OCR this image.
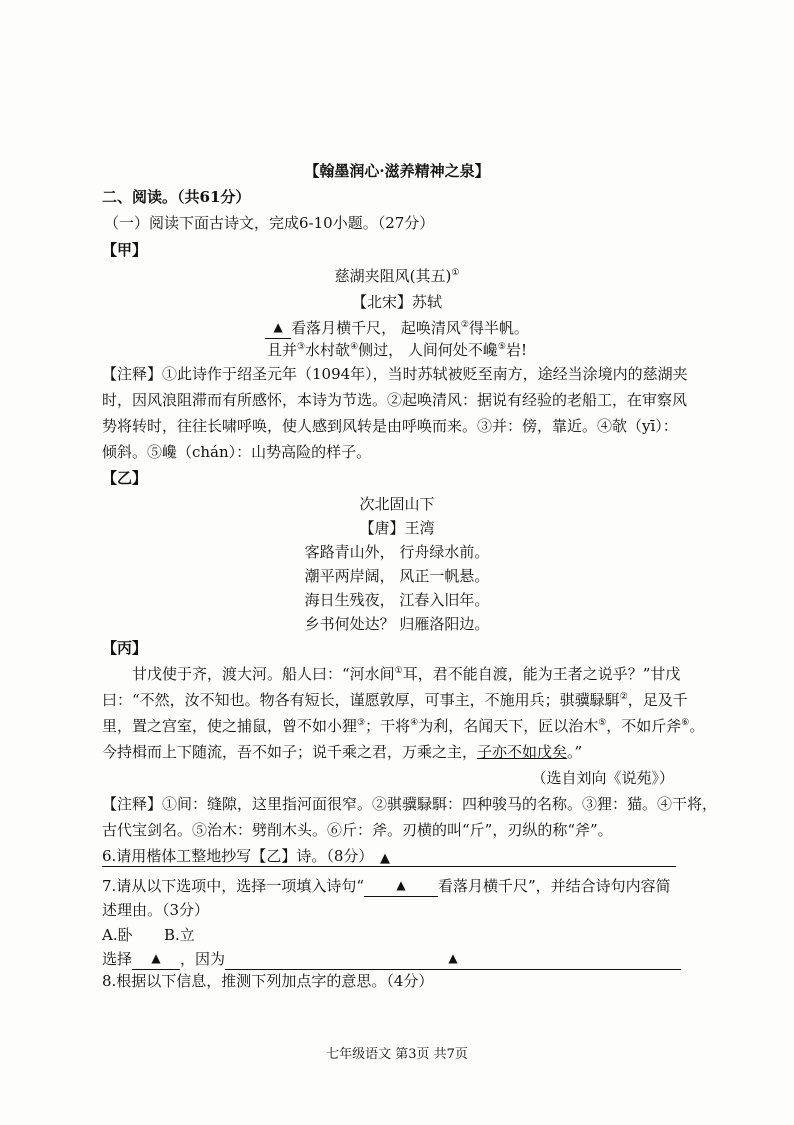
【翰墨润心·滋养精神之泉】
二、阅读。（共61分）
（一）阅读下面古诗文，完成6-10小题。（27分）
【甲】
慈湖夹阻风(其五)①
【北宋】苏轼
▲ 看落月横千尺， 起唤清风②得半帆。
且并③水村欹④侧过， 人间何处不巉⑤岩!
【注释】①此诗作于绍圣元年（1094年），当时苏轼被贬至南方，途经当涂境内的慈湖夹
时，因风浪阻滞而有所感怀，本诗为节选。②起唤清风：据说有经验的老船工，在审察风
势将转时，往往长啸呼唤，使人感到风转是由呼唤而来。③并：傍，靠近。④欹（yī）：
倾斜。⑤巉（chán）：山势高险的样子。
【乙】
次北固山下
【唐】王湾
客路青山外， 行舟绿水前。
潮平两岸阔， 风正一帆悬。
海日生残夜， 江春入旧年。
乡书何处达？ 归雁洛阳边。
【丙】
甘戊使于齐，渡大河。船人曰：“河水间①耳，君不能自渡，能为王者之说乎？”甘戊
曰：“不然，汝不知也。物各有短长，谨愿敦厚，可事主，不施用兵；骐骥騄駬②，足及千
里，置之宫室，使之捕鼠，曾不如小狸③；干将④为利，名闻天下，匠以治木⑤，不如斤斧⑥。
今持楫而上下随流，吾不如子；说千乘之君，万乘之主，子亦不如戊矣。”
（选自刘向《说苑》）
【注释】①间：缝隙，这里指河面很窄。②骐骥騄駬：四种骏马的名称。③狸：猫。④干将，
古代宝剑名。⑤治木：劈削木头。⑥斤：斧。刃横的叫“斤”，刃纵的称“斧”。
6.请用楷体工整地抄写【乙】诗。（8分） ▲
7.请从以下选项中，选择一项填入诗句“	▲ 看落月横千尺”，并结合诗句内容简
述理由。（3分）
A.卧 B.立
选择 ▲ ，因为	▲
8.根据以下信息，推测下列加点字的意思。（4分）
七年级语文 第3页 共7页
